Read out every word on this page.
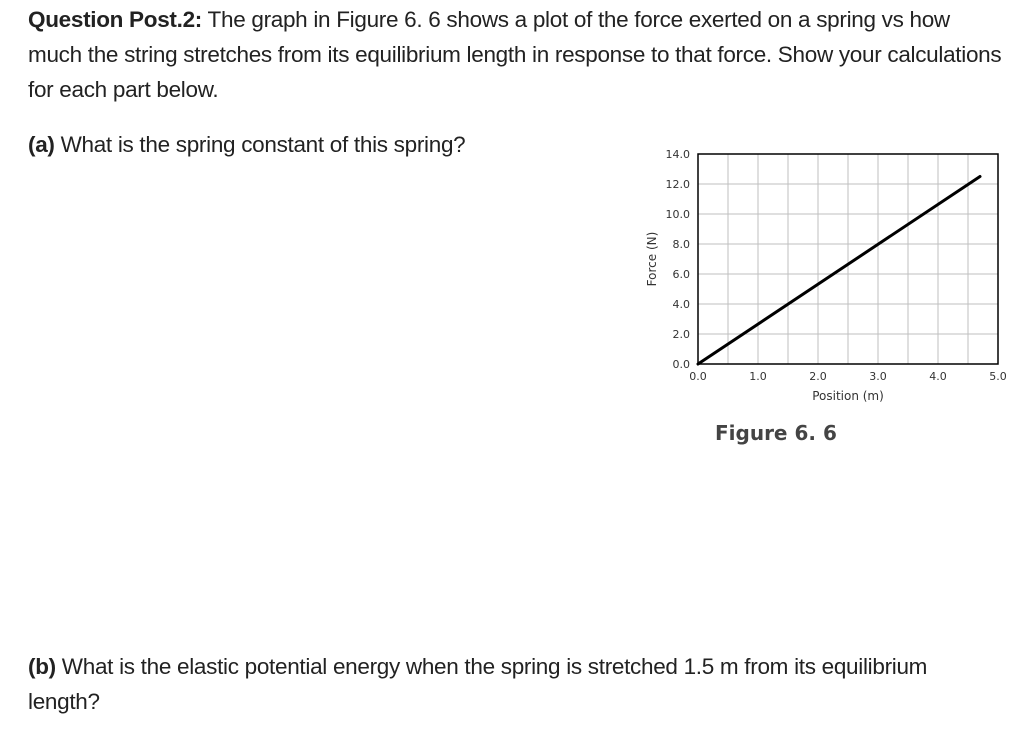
Question Post.2: The graph in Figure 6. 6 shows a plot of the force exerted on a spring vs how much the string stretches from its equilibrium length in response to that force. Show your calculations for each part below.

(a) What is the spring constant of this spring?

0.0
2.0
4.0
6.0
8.0
10.0
12.0
14.0
0.0	1.0	2.0	3.0	4.0	5.0
Position (m)
Force (N)

Figure 6. 6

(b) What is the elastic potential energy when the spring is stretched 1.5 m from its equilibrium length?
